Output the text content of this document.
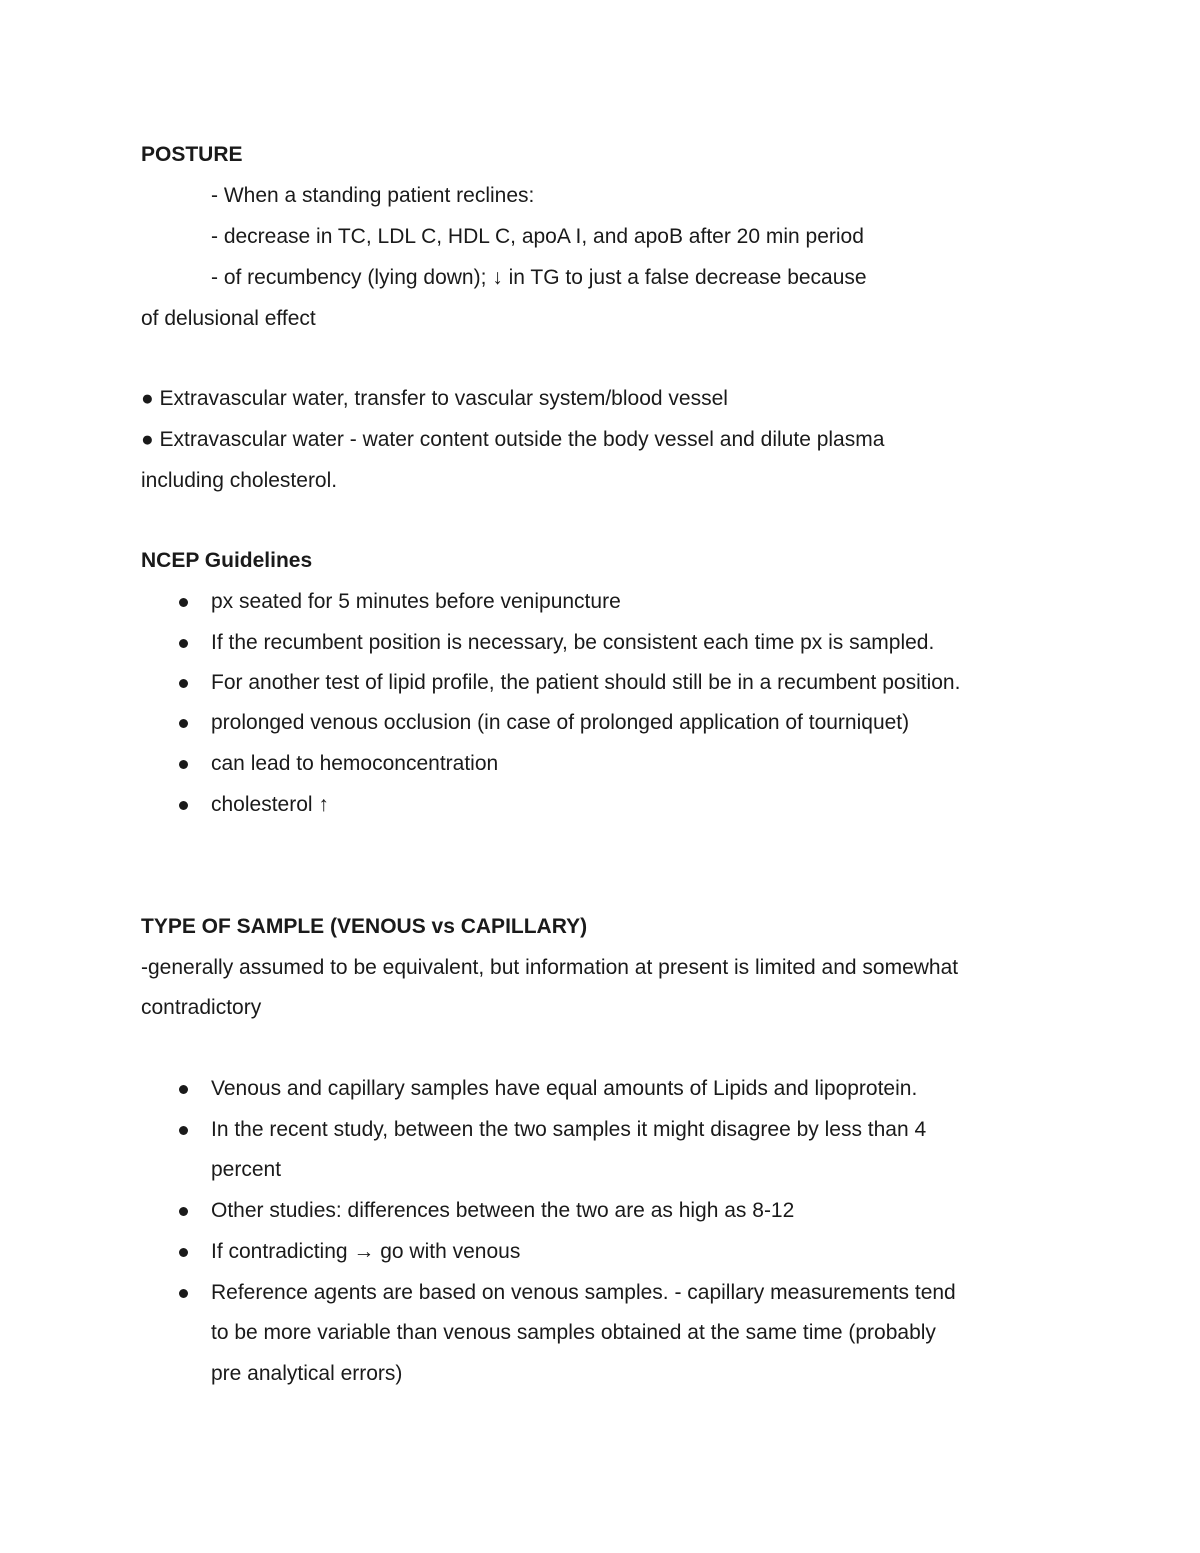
POSTURE
- When a standing patient reclines:
- decrease in TC, LDL C, HDL C, apoA I, and apoB after 20 min period
- of recumbency (lying down); ↓ in TG to just a false decrease because
of delusional effect
● Extravascular water, transfer to vascular system/blood vessel
● Extravascular water - water content outside the body vessel and dilute plasma
including cholesterol.
NCEP Guidelines
px seated for 5 minutes before venipuncture
If the recumbent position is necessary, be consistent each time px is sampled.
For another test of lipid profile, the patient should still be in a recumbent position.
prolonged venous occlusion (in case of prolonged application of tourniquet)
can lead to hemoconcentration
cholesterol ↑
TYPE OF SAMPLE (VENOUS vs CAPILLARY)
-generally assumed to be equivalent, but information at present is limited and somewhat
contradictory
Venous and capillary samples have equal amounts of Lipids and lipoprotein.
In the recent study, between the two samples it might disagree by less than 4
percent
Other studies: differences between the two are as high as 8-12
If contradicting → go with venous
Reference agents are based on venous samples. - capillary measurements tend
to be more variable than venous samples obtained at the same time (probably
pre analytical errors)
